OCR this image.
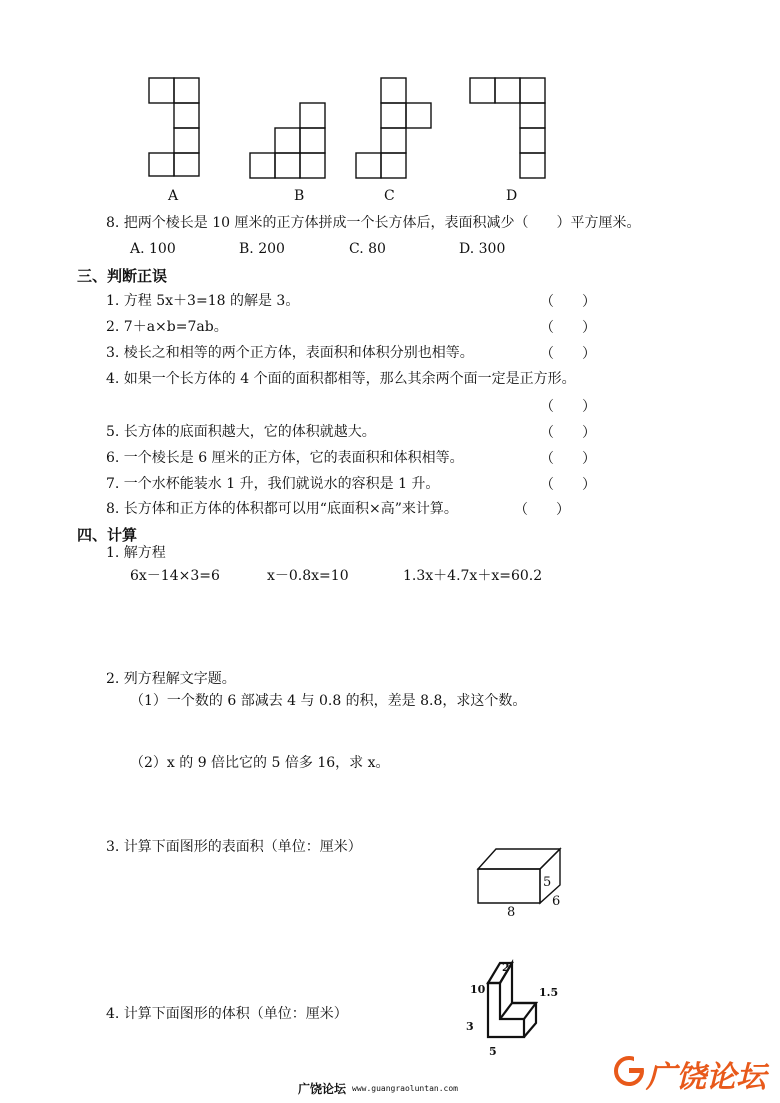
A	B	C	D
8. 把两个棱长是 10 厘米的正方体拼成一个长方体后，表面积减少（　　）平方厘米。
A. 100	B. 200	C. 80	D. 300
三、判断正误
1. 方程 5x＋3=18 的解是 3。	（　　）
2. 7＋a×b=7ab。	（　　）
3. 棱长之和相等的两个正方体，表面积和体积分别也相等。	（　　）
4. 如果一个长方体的 4 个面的面积都相等，那么其余两个面一定是正方形。
（　　）
5. 长方体的底面积越大，它的体积就越大。	（　　）
6. 一个棱长是 6 厘米的正方体，它的表面积和体积相等。	（　　）
7. 一个水杯能装水 1 升，我们就说水的容积是 1 升。	（　　）
8. 长方体和正方体的体积都可以用“底面积×高”来计算。	（　　）
四、计算
1. 解方程
6x－14×3=6	x－0.8x=10	1.3x＋4.7x＋x=60.2
2. 列方程解文字题。
（1）一个数的 6 部减去 4 与 0.8 的积，差是 8.8，求这个数。
（2）x 的 9 倍比它的 5 倍多 16，求 x。
3. 计算下面图形的表面积（单位：厘米）
5
8
6
4. 计算下面图形的体积（单位：厘米）
2
10	1.5
3
5
广饶论坛 www.guangraoluntan.com	广饶论坛
